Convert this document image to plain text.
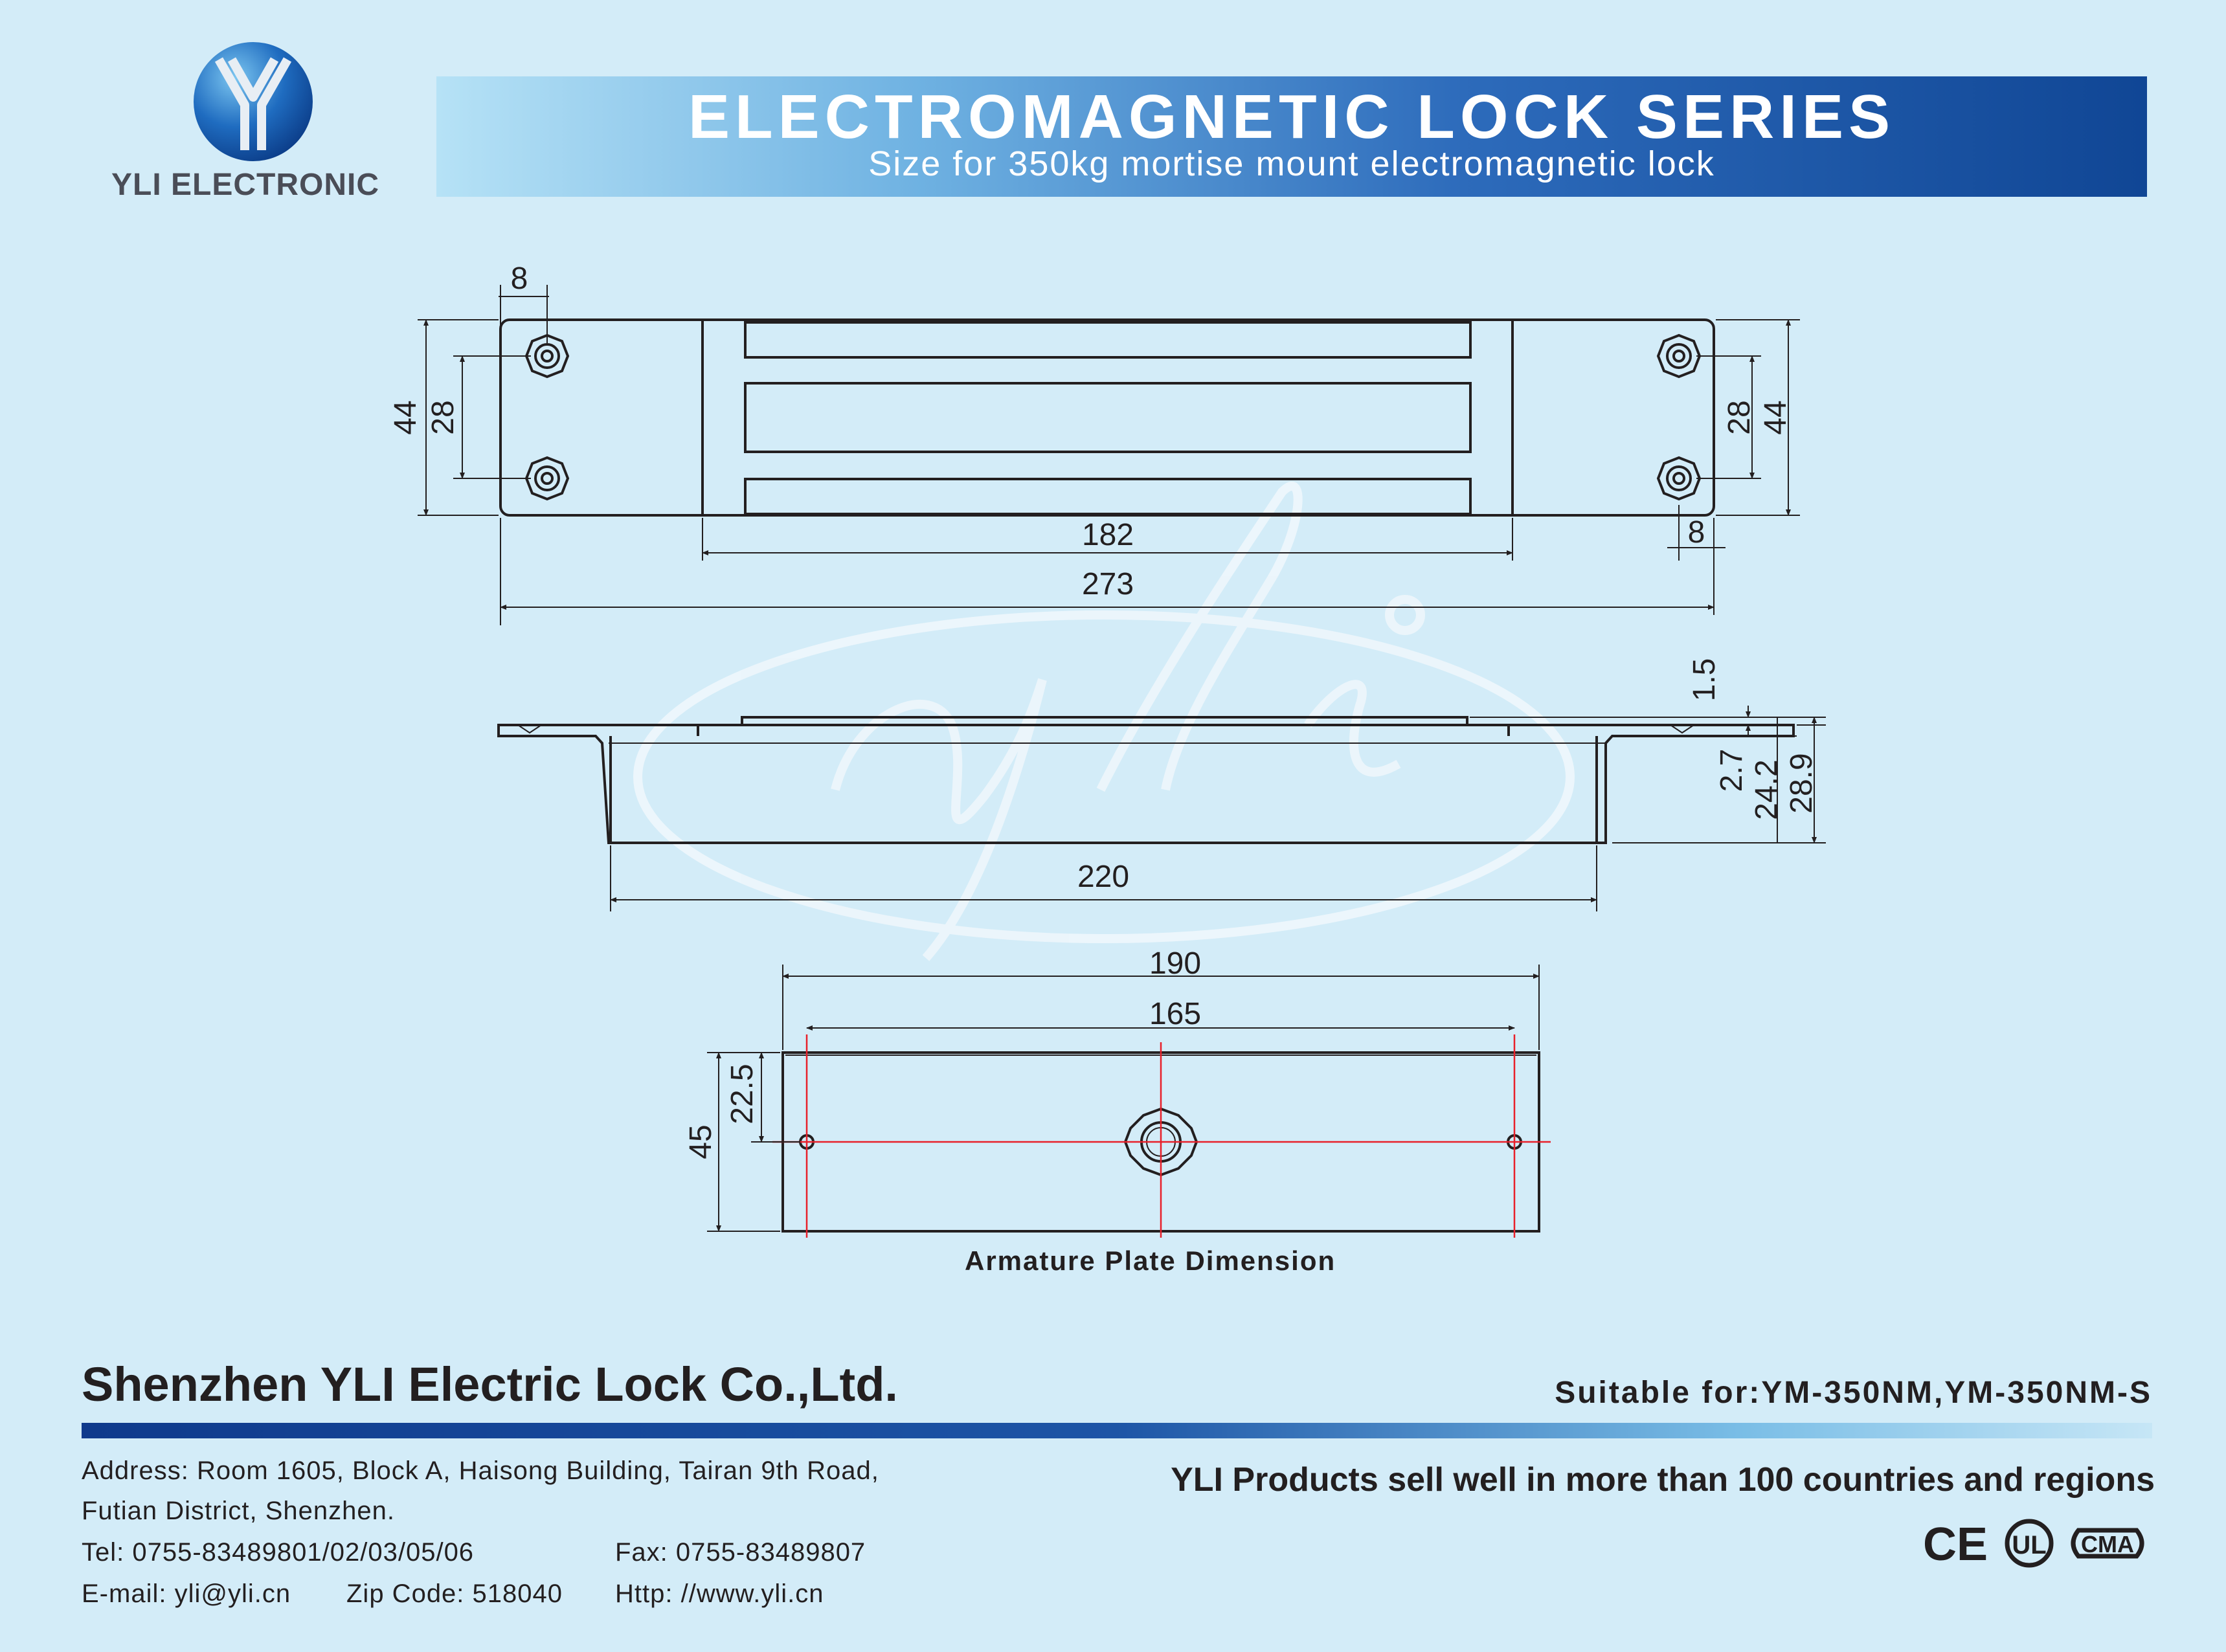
YLI ELECTRONIC
ELECTROMAGNETIC LOCK SERIES
Size for 350kg mortise mount electromagnetic lock
yli
8
44 28	28 44
182	8
273
1.5
2.7 24.2 28.9
220
190
165
45
22.5
Armature Plate Dimension
Shenzhen YLI Electric Lock Co.,Ltd.	Suitable for:YM-350NM,YM-350NM-S
Address: Room 1605, Block A, Haisong Building, Tairan 9th Road,
Futian District, Shenzhen.
Tel: 0755-83489801/02/03/05/06	Fax: 0755-83489807
E-mail: yli@yli.cn Zip Code: 518040 Http: //www.yli.cn
YLI Products sell well in more than 100 countries and regions
CE UL CMA
